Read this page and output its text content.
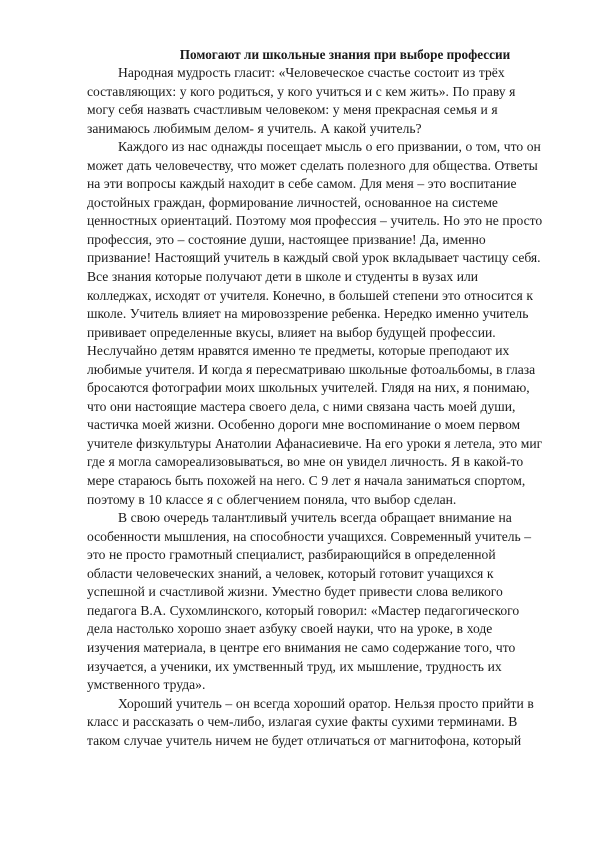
Помогают ли школьные знания при выборе профессии

Народная мудрость гласит: «Человеческое счастье состоит из трёх составляющих: у кого родиться, у кого учиться и с кем жить». По праву я могу себя назвать счастливым человеком: у меня прекрасная семья и я занимаюсь любимым делом- я учитель. А какой учитель?

Каждого из нас однажды посещает мысль о его призвании, о том, что он может дать человечеству, что может сделать полезного для общества. Ответы на эти вопросы каждый находит в себе самом. Для меня – это воспитание достойных граждан, формирование личностей, основанное на системе ценностных ориентаций. Поэтому моя профессия – учитель. Но это не просто профессия, это – состояние души, настоящее призвание! Да, именно призвание! Настоящий учитель в каждый свой урок вкладывает частицу себя. Все знания которые получают дети в школе и студенты в вузах или колледжах, исходят от учителя. Конечно, в большей степени это относится к школе. Учитель влияет на мировоззрение ребенка. Нередко именно учитель прививает определенные вкусы, влияет на выбор будущей профессии. Неслучайно детям нравятся именно те предметы, которые преподают их любимые учителя. И когда я пересматриваю школьные фотоальбомы, в глаза бросаются фотографии моих школьных учителей. Глядя на них, я понимаю, что они настоящие мастера своего дела, с ними связана часть моей души, частичка моей жизни. Особенно дороги мне воспоминание о моем первом учителе физкультуры Анатолии Афанасиевиче. На его уроки я летела, это миг где я могла самореализовываться, во мне он увидел личность. Я в какой-то мере стараюсь быть похожей на него. С 9 лет я начала заниматься спортом, поэтому в 10 классе я с облегчением поняла, что выбор сделан.

В свою очередь талантливый учитель всегда обращает внимание на особенности мышления, на способности учащихся. Современный учитель – это не просто грамотный специалист, разбирающийся в определенной области человеческих знаний, а человек, который готовит учащихся к успешной и счастливой жизни. Уместно будет привести слова великого педагога В.А. Сухомлинского, который говорил: «Мастер педагогического дела настолько хорошо знает азбуку своей науки, что на уроке, в ходе изучения материала, в центре его внимания не само содержание того, что изучается, а ученики, их умственный труд, их мышление, трудность их умственного труда».

Хороший учитель – он всегда хороший оратор. Нельзя просто прийти в класс и рассказать о чем-либо, излагая сухие факты сухими терминами. В таком случае учитель ничем не будет отличаться от магнитофона, который
